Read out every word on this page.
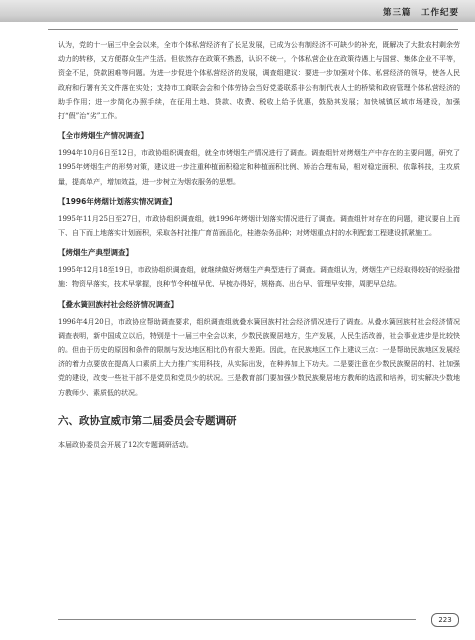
第三篇　工作纪要

认为，党的十一届三中全会以来，全市个体私营经济有了长足发展，已成为公有制经济不可缺少的补充，既解决了大批农村剩余劳动力的转移，又方便群众生产生活。但依然存在政策不熟悉，认识不统一，个体私营企业在政策待遇上与国营、集体企业不平等，资金不足，贷款困难等问题。为进一步促进个体私营经济的发展，调查组建议：要进一步加强对个体、私营经济的领导，使各人民政府和行署有关文件落在实处；支持市工商联会会和个体劳协会当好党委联系非公有制代表人士的桥梁和政府管理个体私营经济的助手作用；进一步简化办照手续，在征用土地、贷款、收费、税收上给予优惠，鼓励其发展；加快城镇区域市场建设，加强打“假”治“劣”工作。

【全市烤烟生产情况调查】

1994年10月6日至12日，市政协组织调查组，就全市烤烟生产情况进行了调查。调查组针对烤烟生产中存在的主要问题，研究了1995年烤烟生产的形势对策，建议进一步注重种植面积稳定和种植面积比例、矫治合理布局，相对稳定面积、依靠科技，主攻质量，提高单产，增加效益，进一步树立为烟农服务的思想。

【1996年烤烟计划落实情况调查】

1995年11月25日至27日，市政协组织调查组，就1996年烤烟计划落实情况进行了调查。调查组针对存在的问题，建议要自上而下、自下而上地落实计划面积，采取各村社推广育苗面品化，桂港杂务品种；对烤烟重点村的水利配套工程建设抓紧施工。

【烤烟生产典型调查】

1995年12月18至19日，市政协组织调查组，就继续做好烤烟生产典型进行了调查。调查组认为，烤烟生产已经取得较好的经验措施：物资早落实，技术早掌握，良种节令种植早优、早梳办得好，规格高、出台早、管理早安排，周肥早总结。

【叠水簧回族村社会经济情况调查】

1996年4月20日，市政协应帮助调查要求，组织调查组就叠水簧回族村社会经济情况进行了调查。从叠水簧回族村社会经济情况调查表明，新中国成立以后，特别是十一届三中全会以来，少数民族聚居地方，生产发展，人民生活改善，社会事业进步是比较快的。但由于历史的原因和条件的限制与发达地区相比仍有很大差距。因此，在民族地区工作上建议三点：一是帮助民族地区发展经济的着力点要放在提高人口素质上大力推广实用科技，从实际出发，在种养加上下功夫。二是要注意在少数民族聚居的村、社加强党的建设，改变一些社干部不是党员和党员少的状况。三是教育部门要加强少数民族聚居地方教师的选派和培养，切实解决少数地方教师少、素质低的状况。

六、政协宣威市第二届委员会专题调研

本届政协委员会开展了12次专题调研活动。

223
